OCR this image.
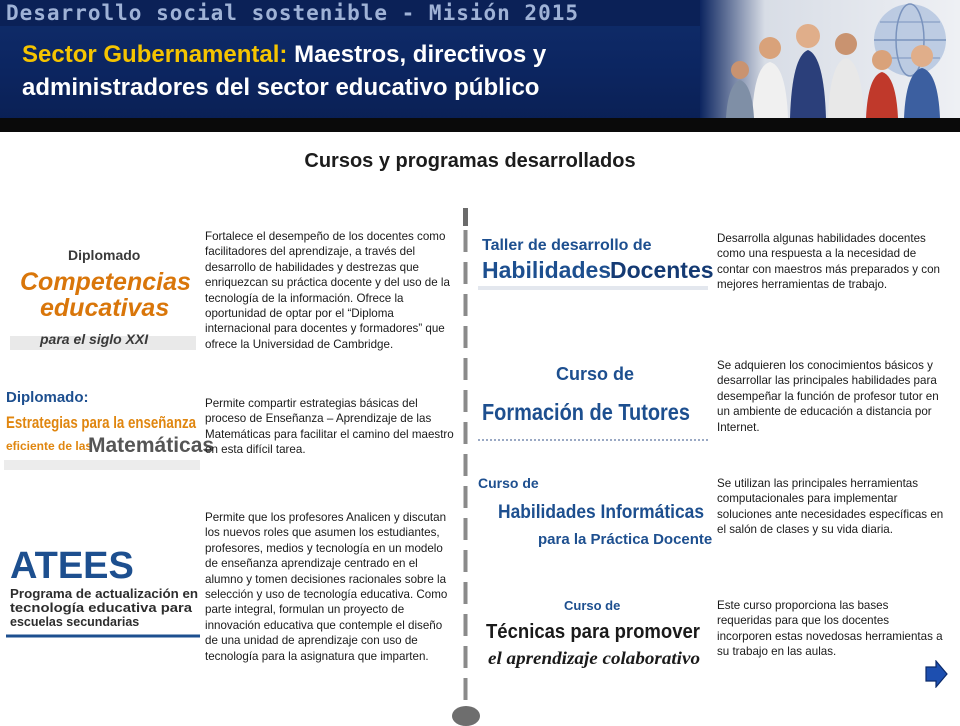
Desarrollo social sostenible - Misión 2015
Sector Gubernamental: Maestros, directivos y administradores del sector educativo público
Cursos y programas desarrollados
Diplomado
Competencias
educativas
para el siglo XXI
Diplomado:
Estrategias para la enseñanza
eficiente de las
Matemáticas
ATEES
Programa de actualización en
tecnología educativa para
escuelas secundarias

Fortalece el desempeño de los docentes como facilitadores del aprendizaje, a través del desarrollo de habilidades y destrezas que enriquezcan su práctica docente y del uso de la tecnología de la información. Ofrece la oportunidad de optar por el “Diploma internacional para docentes y formadores” que ofrece la Universidad de Cambridge.

Permite compartir estrategias básicas del proceso de Enseñanza – Aprendizaje de las Matemáticas para facilitar el camino del maestro en esta difícil tarea.

Permite que los profesores Analicen y discutan los nuevos roles que asumen los estudiantes, profesores, medios y tecnología en un modelo de enseñanza aprendizaje centrado en el alumno y tomen decisiones racionales sobre la selección y uso de tecnología educativa. Como parte integral, formulan un proyecto de innovación educativa que contemple el diseño de una unidad de aprendizaje con uso de tecnología para la asignatura que imparten.

Taller de desarrollo de
Habilidades
Docentes
Curso de
Formación de Tutores
Curso de
Habilidades Informáticas
para la Práctica Docente
Curso de
Técnicas para promover
el aprendizaje colaborativo

Desarrolla algunas habilidades docentes como una respuesta a la necesidad de contar con maestros más preparados y con mejores herramientas de trabajo.

Se adquieren los conocimientos básicos y desarrollar las principales habilidades para desempeñar la función de profesor tutor en un ambiente de educación a distancia por Internet.

Se utilizan las principales herramientas computacionales para implementar soluciones ante necesidades específicas en el salón de clases y su vida diaria.

Este curso proporciona las bases requeridas para que los docentes incorporen estas novedosas herramientas a su trabajo en las aulas.
